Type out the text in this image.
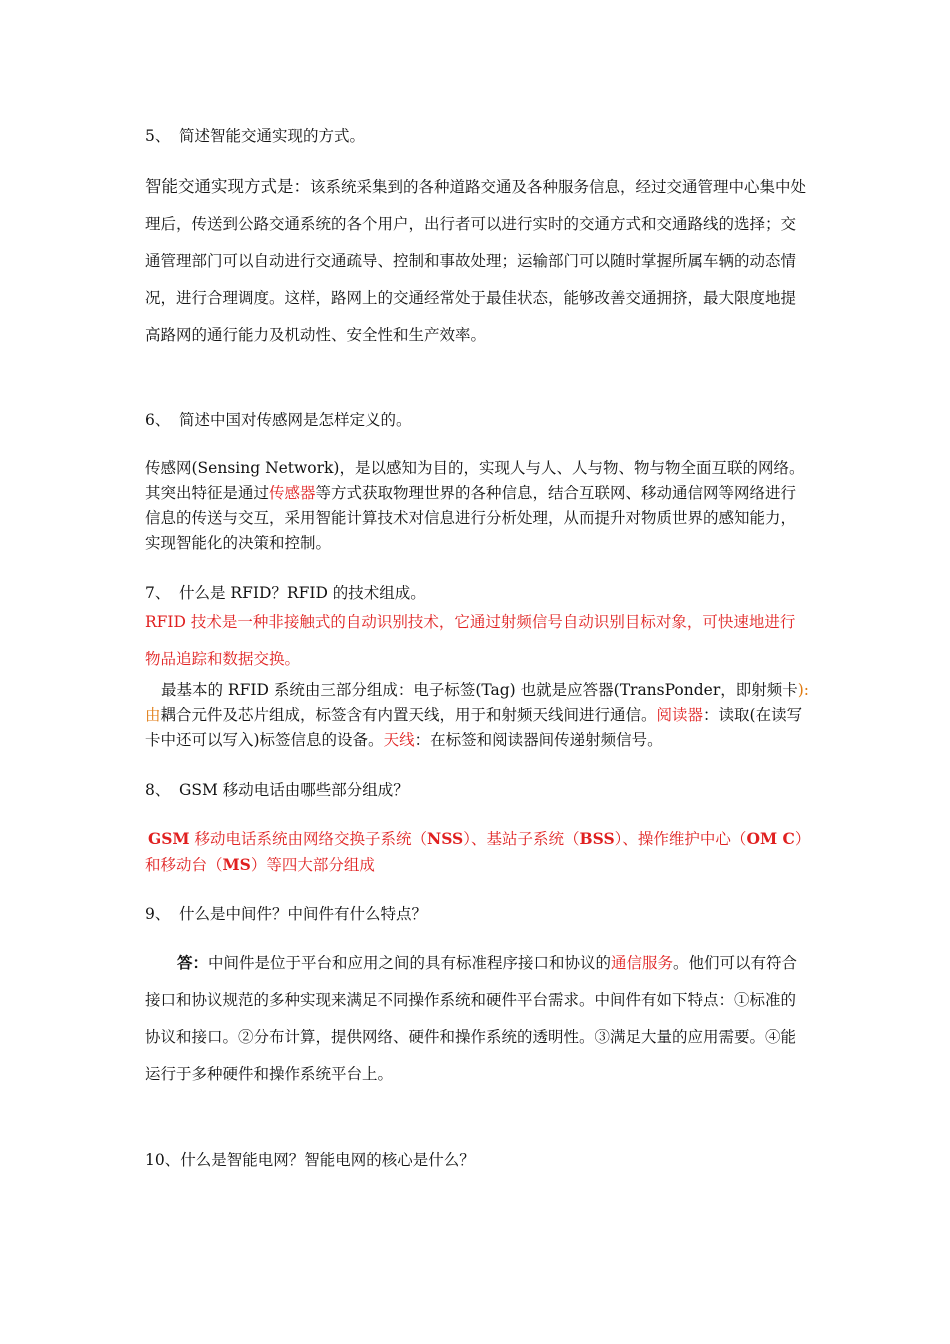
5、 简述智能交通实现的方式。

智能交通实现方式是：该系统采集到的各种道路交通及各种服务信息，经过交通管理中心集中处理后，传送到公路交通系统的各个用户，出行者可以进行实时的交通方式和交通路线的选择；交通管理部门可以自动进行交通疏导、控制和事故处理；运输部门可以随时掌握所属车辆的动态情况，进行合理调度。这样，路网上的交通经常处于最佳状态，能够改善交通拥挤，最大限度地提高路网的通行能力及机动性、安全性和生产效率。

6、 简述中国对传感网是怎样定义的。

传感网(Sensing Network)，是以感知为目的，实现人与人、人与物、物与物全面互联的网络。其突出特征是通过传感器等方式获取物理世界的各种信息，结合互联网、移动通信网等网络进行信息的传送与交互，采用智能计算技术对信息进行分析处理，从而提升对物质世界的感知能力，实现智能化的决策和控制。

7、 什么是 RFID？RFID 的技术组成。

RFID 技术是一种非接触式的自动识别技术，它通过射频信号自动识别目标对象，可快速地进行物品追踪和数据交换。

最基本的 RFID 系统由三部分组成：电子标签(Tag) 也就是应答器(TransPonder，即射频卡):由耦合元件及芯片组成，标签含有内置天线，用于和射频天线间进行通信。阅读器：读取(在读写卡中还可以写入)标签信息的设备。天线：在标签和阅读器间传递射频信号。

8、 GSM 移动电话由哪些部分组成？

GSM 移动电话系统由网络交换子系统（NSS）、基站子系统（BSS）、操作维护中心（OM C）和移动台（MS）等四大部分组成

9、 什么是中间件？中间件有什么特点？

答：中间件是位于平台和应用之间的具有标准程序接口和协议的通信服务。他们可以有符合接口和协议规范的多种实现来满足不同操作系统和硬件平台需求。中间件有如下特点：①标准的协议和接口。②分布计算，提供网络、硬件和操作系统的透明性。③满足大量的应用需要。④能运行于多种硬件和操作系统平台上。

10、什么是智能电网？智能电网的核心是什么？
